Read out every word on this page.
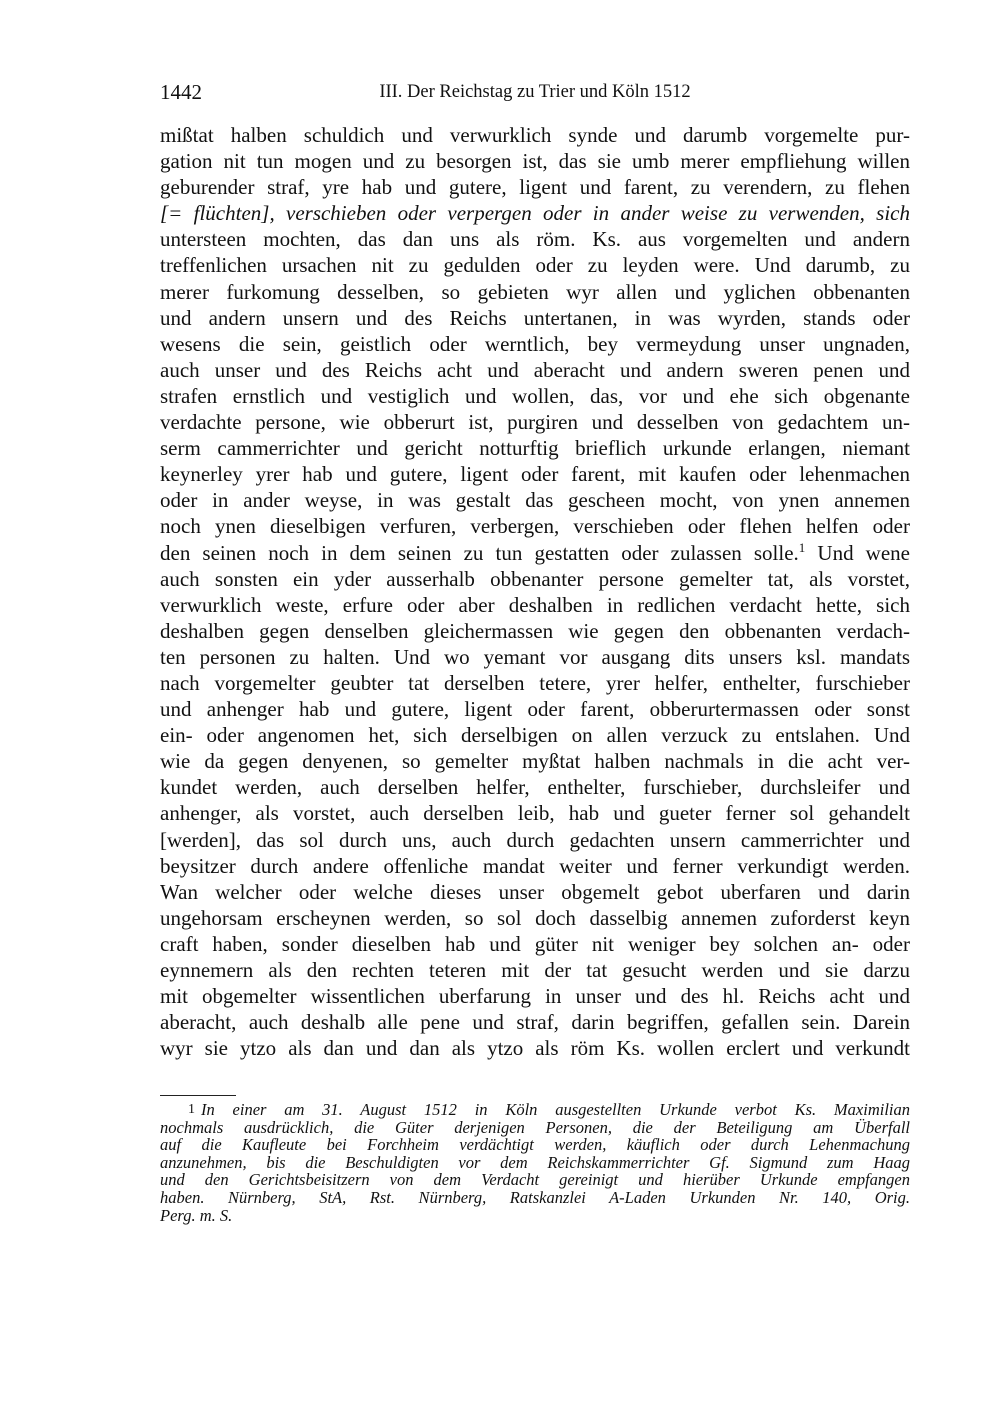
1442	III. Der Reichstag zu Trier und Köln 1512
mißtat halben schuldich und verwurklich synde und darumb vorgemelte pur-
gation nit tun mogen und zu besorgen ist, das sie umb merer empfliehung willen
geburender straf, yre hab und gutere, ligent und farent, zu verendern, zu flehen
[= flüchten], verschieben oder verpergen oder in ander weise zu verwenden, sich
untersteen mochten, das dan uns als röm. Ks. aus vorgemelten und andern
treffenlichen ursachen nit zu gedulden oder zu leyden were. Und darumb, zu
merer furkomung desselben, so gebieten wyr allen und yglichen obbenanten
und andern unsern und des Reichs untertanen, in was wyrden, stands oder
wesens die sein, geistlich oder werntlich, bey vermeydung unser ungnaden,
auch unser und des Reichs acht und aberacht und andern sweren penen und
strafen ernstlich und vestiglich und wollen, das, vor und ehe sich obgenante
verdachte persone, wie obberurt ist, purgiren und desselben von gedachtem un-
serm cammerrichter und gericht notturftig brieflich urkunde erlangen, niemant
keynerley yrer hab und gutere, ligent oder farent, mit kaufen oder lehenmachen
oder in ander weyse, in was gestalt das gescheen mocht, von ynen annemen
noch ynen dieselbigen verfuren, verbergen, verschieben oder flehen helfen oder
den seinen noch in dem seinen zu tun gestatten oder zulassen solle.$^1$ Und wene
auch sonsten ein yder ausserhalb obbenanter persone gemelter tat, als vorstet,
verwurklich weste, erfure oder aber deshalben in redlichen verdacht hette, sich
deshalben gegen denselben gleichermassen wie gegen den obbenanten verdach-
ten personen zu halten. Und wo yemant vor ausgang dits unsers ksl. mandats
nach vorgemelter geubter tat derselben tetere, yrer helfer, enthelter, furschieber
und anhenger hab und gutere, ligent oder farent, obberurtermassen oder sonst
ein- oder angenomen het, sich derselbigen on allen verzuck zu entslahen. Und
wie da gegen denyenen, so gemelter myßtat halben nachmals in die acht ver-
kundet werden, auch derselben helfer, enthelter, furschieber, durchsleifer und
anhenger, als vorstet, auch derselben leib, hab und gueter ferner sol gehandelt
[werden], das sol durch uns, auch durch gedachten unsern cammerrichter und
beysitzer durch andere offenliche mandat weiter und ferner verkundigt werden.
Wan welcher oder welche dieses unser obgemelt gebot uberfaren und darin
ungehorsam erscheynen werden, so sol doch dasselbig annemen zuforderst keyn
craft haben, sonder dieselben hab und güter nit weniger bey solchen an- oder
eynnemern als den rechten teteren mit der tat gesucht werden und sie darzu
mit obgemelter wissentlichen uberfarung in unser und des hl. Reichs acht und
aberacht, auch deshalb alle pene und straf, darin begriffen, gefallen sein. Darein
wyr sie ytzo als dan und dan als ytzo als röm Ks. wollen erclert und verkundt
1 In einer am 31. August 1512 in Köln ausgestellten Urkunde verbot Ks. Maximilian
nochmals ausdrücklich, die Güter derjenigen Personen, die der Beteiligung am Überfall
auf die Kaufleute bei Forchheim verdächtigt werden, käuflich oder durch Lehenmachung
anzunehmen, bis die Beschuldigten vor dem Reichskammerrichter Gf. Sigmund zum Haag
und den Gerichtsbeisitzern von dem Verdacht gereinigt und hierüber Urkunde empfangen
haben. Nürnberg, StA, Rst. Nürnberg, Ratskanzlei A-Laden Urkunden Nr. 140, Orig.
Perg. m. S.
